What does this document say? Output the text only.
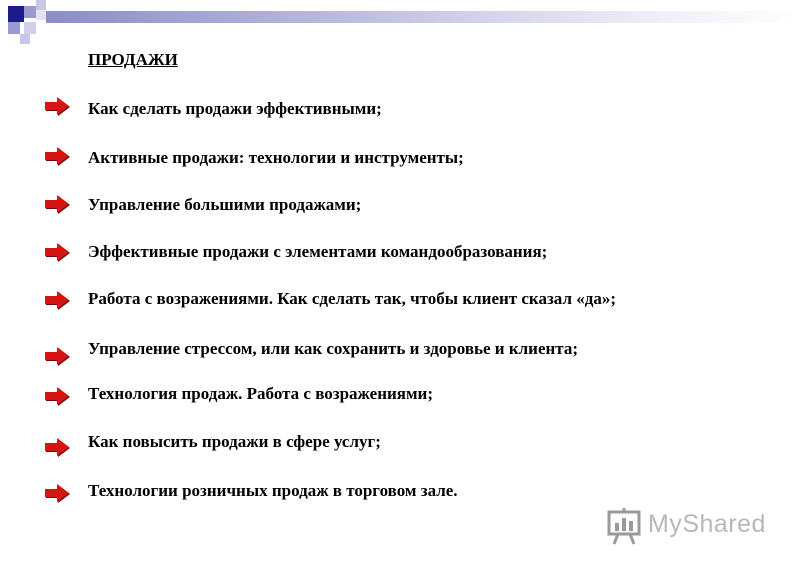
ПРОДАЖИ
Как сделать продажи эффективными;
Активные продажи: технологии и инструменты;
Управление большими продажами;
Эффективные продажи с элементами командообразования;
Работа с возражениями. Как сделать так, чтобы клиент сказал «да»;
Управление стрессом, или как сохранить и здоровье и клиента;
Технология продаж. Работа с возражениями;
Как повысить продажи в сфере услуг;
Технологии розничных продаж в торговом зале.
MyShared
